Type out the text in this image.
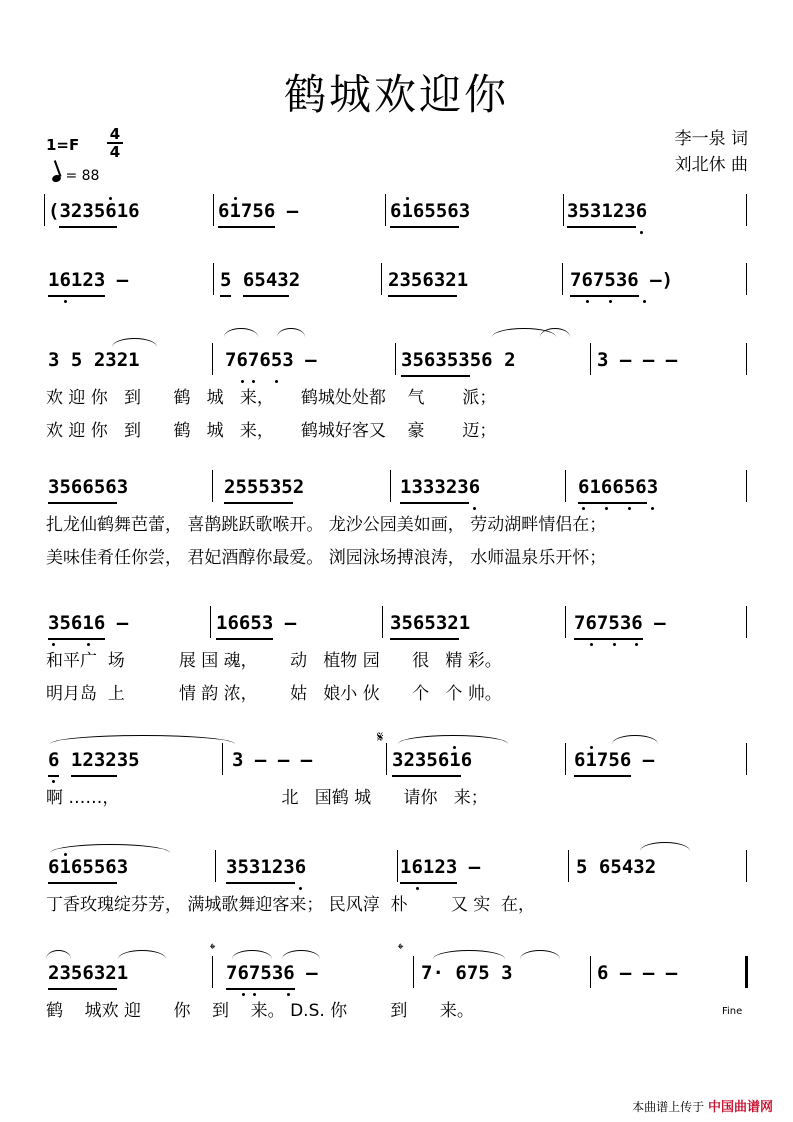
鹤城欢迎你
1=F
4
4
= 88
李一泉 词
刘北休 曲
(3235616	61756 –	6165563	3531236
16123 –	5 65432	2356321	767536 –)
3 5 2321	767653 –	35635356 2	3 – – –
欢 迎 你   到      鹤   城   来，     鹤城处处都    气       派；
欢 迎 你   到      鹤   城   来，     鹤城好客又    豪       迈；
3566563	2555352	1333236	6166563
扎龙仙鹤舞芭蕾， 喜鹊跳跃歌喉开。 龙沙公园美如画， 劳动湖畔情侣在；
美味佳肴任你尝， 君妃酒醇你最爱。 浏园泳场搏浪涛， 水师温泉乐开怀；
35616 –	16653 –	3565321	767536 –
和平广  场          展 国 魂，      动   植物 园      很   精 彩。
明月岛  上          情 韵 浓，      姑   娘小 伙      个   个 帅。
6 123235	3 – – –	3235616	61756 –
啊 ……，                              北   国鹤 城      请你   来；
6165563	3531236	16123 –	5 65432
丁香玫瑰绽芬芳， 满城歌舞迎客来； 民风淳  朴        又 实  在，
2356321	767536 –	7· 675 3	6 – – –
鹤    城欢 迎      你    到    来。 D.S. 你        到      来。
𝄋
𝄌	𝄌
Fine
本曲谱上传于 中国曲谱网
